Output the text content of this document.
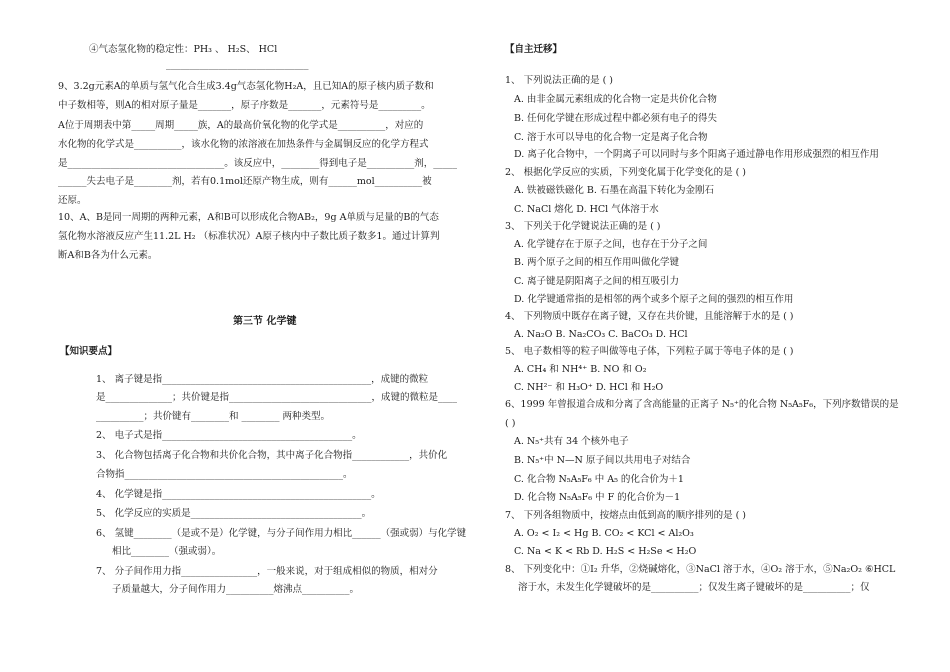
④气态氢化物的稳定性：PH₃ 、 H₂S、 HCl
______________________________
9、3.2g元素A的单质与氢气化合生成3.4g气态氢化物H₂A，且已知A的原子核内质子数和
中子数相等，则A的相对原子量是_______，原子序数是_______，元素符号是_________。
A位于周期表中第_____周期_____族，A的最高价氧化物的化学式是__________，对应的
水化物的化学式是__________，该水化物的浓溶液在加热条件与金属铜反应的化学方程式
是_________________________________。该反应中，________得到电子是__________剂，_____
______失去电子是________剂，若有0.1mol还原产物生成，则有______mol__________被
还原。
10、A、B是同一周期的两种元素，A和B可以形成化合物AB₂，9g A单质与足量的B的气态
氢化物水溶液反应产生11.2L H₂ （标准状况）A原子核内中子数比质子数多1。通过计算判
断A和B各为什么元素。
第三节 化学键
【知识要点】
1、 离子键是指____________________________________________，成键的微粒
是______________；共价键是指______________________________，成键的微粒是____
__________；共价键有________和 ________ 两种类型。
2、 电子式是指________________________________________。
3、 化合物包括离子化合物和共价化合物，其中离子化合物指____________，共价化
合物指______________________________________________。
4、 化学键是指____________________________________________。
5、 化学反应的实质是____________________________________。
6、 氢键________（是或不是）化学键，与分子间作用力相比______（强或弱）与化学键
相比________（强或弱）。
7、 分子间作用力指________________，一般来说，对于组成相似的物质，相对分
子质量越大，分子间作用力__________熔沸点__________。
【自主迁移】
1、 下列说法正确的是 ( )
A. 由非金属元素组成的化合物一定是共价化合物
B. 任何化学键在形成过程中都必须有电子的得失
C. 溶于水可以导电的化合物一定是离子化合物
D. 离子化合物中，一个阴离子可以同时与多个阳离子通过静电作用形成强烈的相互作用
2、 根据化学反应的实质，下列变化属于化学变化的是 ( )
A. 铁被磁铁磁化 B. 石墨在高温下转化为金刚石
C. NaCl 熔化 D. HCl 气体溶于水
3、 下列关于化学键说法正确的是 ( )
A. 化学键存在于原子之间，也存在于分子之间
B. 两个原子之间的相互作用叫做化学键
C. 离子键是阴阳离子之间的相互吸引力
D. 化学键通常指的是相邻的两个或多个原子之间的强烈的相互作用
4、 下列物质中既存在离子键，又存在共价键，且能溶解于水的是 ( )
A. Na₂O B. Na₂CO₃ C. BaCO₃ D. HCl
5、 电子数相等的粒子叫做等电子体，下列粒子属于等电子体的是 ( )
A. CH₄ 和 NH⁴⁺ B. NO 和 O₂
C. NH²⁻ 和 H₃O⁺ D. HCl 和 H₂O
6、1999 年曾报道合成和分离了含高能量的正离子 N₅⁺的化合物 N₅A₅F₆，下列序数错误的是
( )
A. N₅⁺共有 34 个核外电子
B. N₅⁺中 N—N 原子间以共用电子对结合
C. 化合物 N₅A₅F₆ 中 A₅ 的化合价为＋1
D. 化合物 N₅A₅F₆ 中 F 的化合价为－1
7、 下列各组物质中，按熔点由低到高的顺序排列的是 ( )
A. O₂ < I₂ < Hg B. CO₂ < KCl < Al₂O₃
C. Na < K < Rb D. H₂S < H₂Se < H₂O
8、 下列变化中：①I₂ 升华，②烧碱熔化，③NaCl 溶于水，④O₂ 溶于水，⑤Na₂O₂ ⑥HCL
溶于水，未发生化学键破坏的是__________；仅发生离子键破坏的是__________；仅
